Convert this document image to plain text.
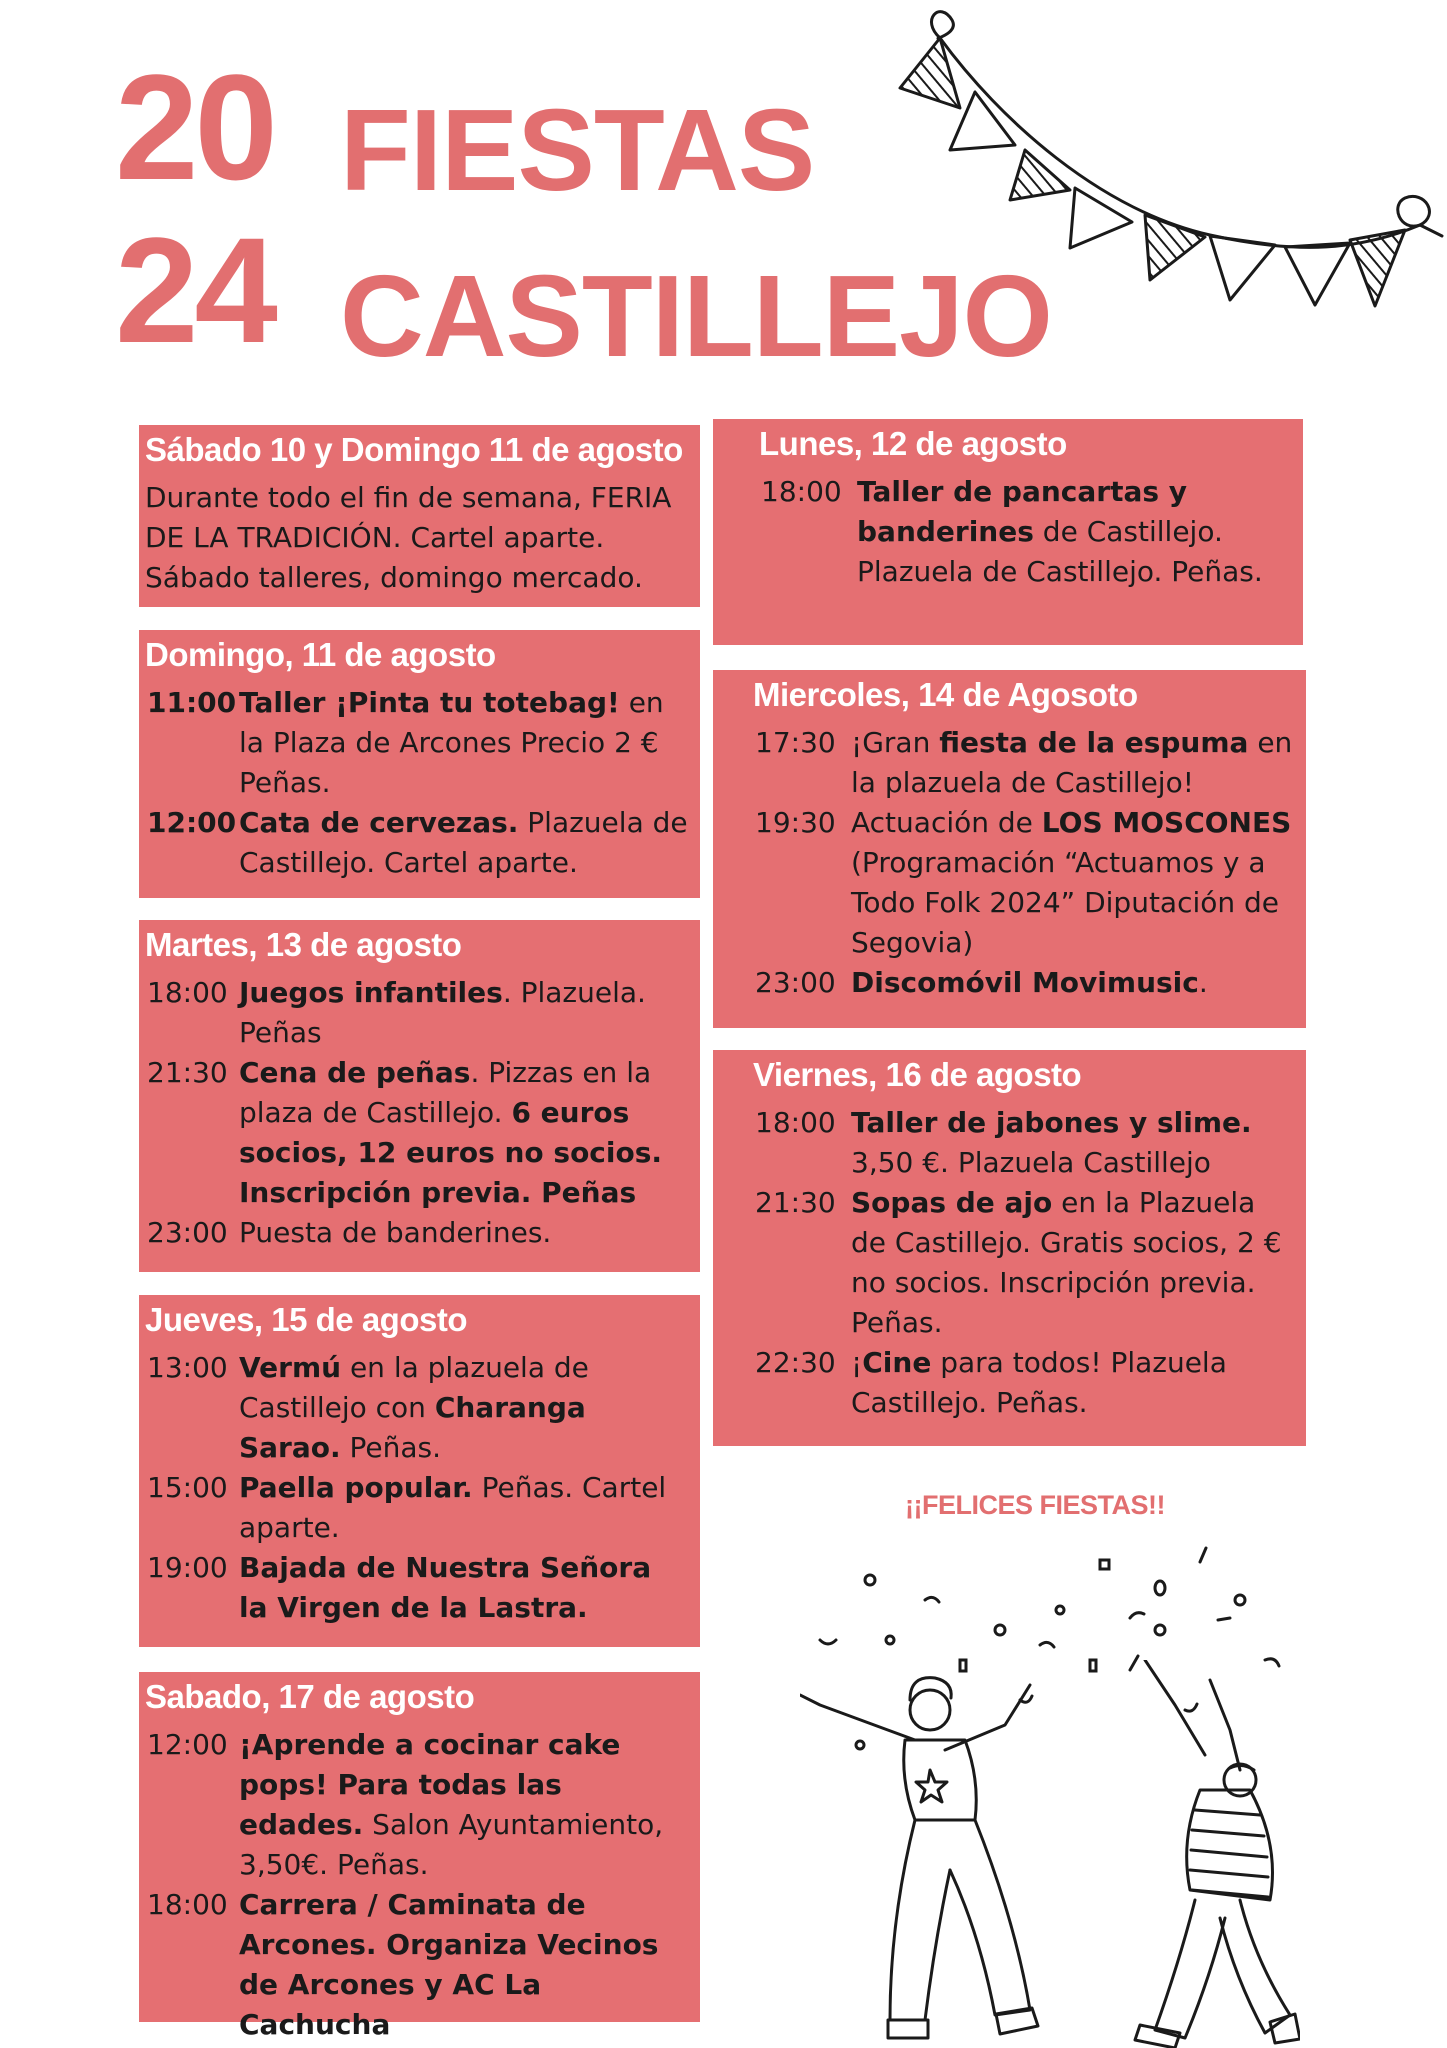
20
24
FIESTAS
CASTILLEJO
Sábado 10 y Domingo 11 de agosto
Durante todo el fin de semana, FERIA
DE LA TRADICIÓN. Cartel aparte.
Sábado talleres, domingo mercado.
Domingo, 11 de agosto
11:00 Taller ¡Pinta tu totebag! en la Plaza de Arcones Precio 2 € Peñas.
12:00 Cata de cervezas. Plazuela de Castillejo. Cartel aparte.
Martes, 13 de agosto
18:00 Juegos infantiles. Plazuela. Peñas
21:30 Cena de peñas. Pizzas en la plaza de Castillejo. 6 euros socios, 12 euros no socios. Inscripción previa. Peñas
23:00 Puesta de banderines.
Jueves, 15 de agosto
13:00 Vermú en la plazuela de Castillejo con Charanga Sarao. Peñas.
15:00 Paella popular. Peñas. Cartel aparte.
19:00 Bajada de Nuestra Señora la Virgen de la Lastra.
Sabado, 17 de agosto
12:00 ¡Aprende a cocinar cake pops! Para todas las edades. Salon Ayuntamiento, 3,50€. Peñas.
18:00 Carrera / Caminata de Arcones. Organiza Vecinos de Arcones y AC La Cachucha
Lunes, 12 de agosto
18:00 Taller de pancartas y banderines de Castillejo. Plazuela de Castillejo. Peñas.
Miercoles, 14 de Agosoto
17:30 ¡Gran fiesta de la espuma en la plazuela de Castillejo!
19:30 Actuación de LOS MOSCONES (Programación “Actuamos y a Todo Folk 2024” Diputación de Segovia)
23:00 Discomóvil Movimusic.
Viernes, 16 de agosto
18:00 Taller de jabones y slime. 3,50 €. Plazuela Castillejo
21:30 Sopas de ajo en la Plazuela de Castillejo. Gratis socios, 2 € no socios. Inscripción previa. Peñas.
22:30 ¡Cine para todos! Plazuela Castillejo. Peñas.
¡¡FELICES FIESTAS!!
